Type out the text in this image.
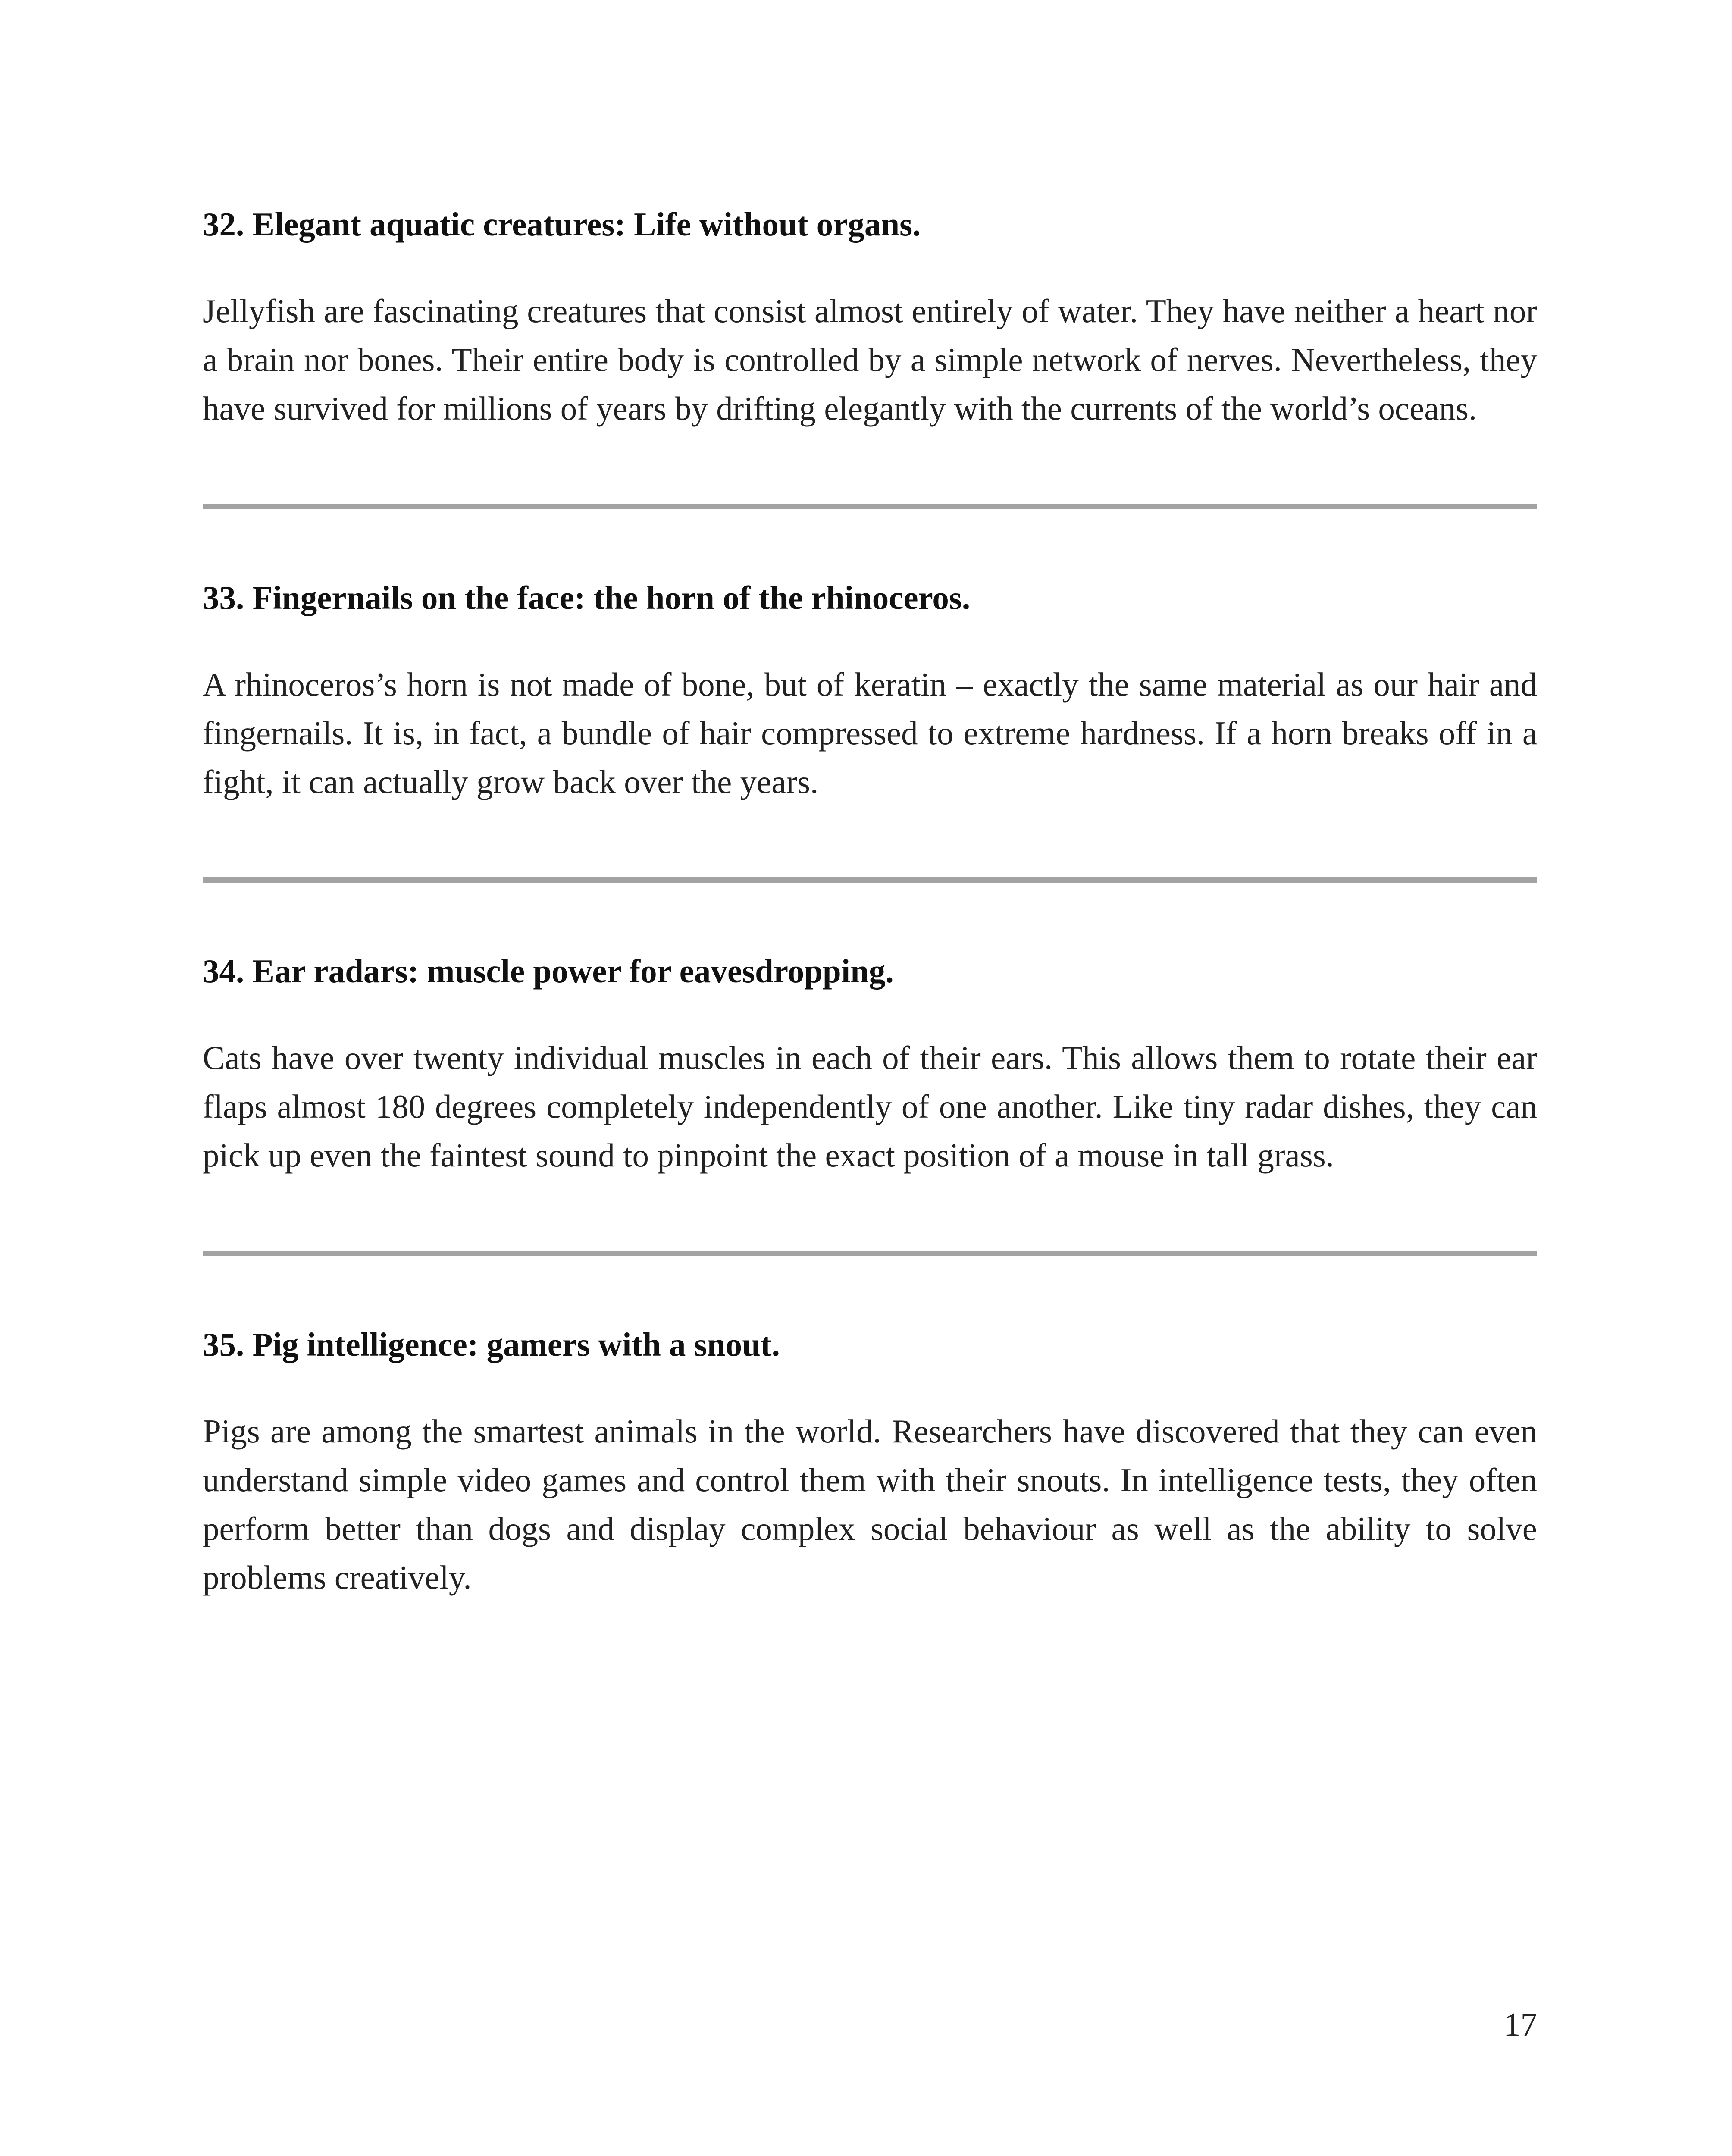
32. Elegant aquatic creatures: Life without organs.

Jellyfish are fascinating creatures that consist almost entirely of water. They have neither a heart nor a brain nor bones. Their entire body is controlled by a simple network of nerves. Nevertheless, they have survived for millions of years by drifting elegantly with the currents of the world’s oceans.

33. Fingernails on the face: the horn of the rhinoceros.

A rhinoceros’s horn is not made of bone, but of keratin – exactly the same material as our hair and fingernails. It is, in fact, a bundle of hair compressed to extreme hardness. If a horn breaks off in a fight, it can actually grow back over the years.

34. Ear radars: muscle power for eavesdropping.

Cats have over twenty individual muscles in each of their ears. This allows them to rotate their ear flaps almost 180 degrees completely independently of one another. Like tiny radar dishes, they can pick up even the faintest sound to pinpoint the exact position of a mouse in tall grass.

35. Pig intelligence: gamers with a snout.

Pigs are among the smartest animals in the world. Researchers have discovered that they can even understand simple video games and control them with their snouts. In intelligence tests, they often perform better than dogs and display complex social behaviour as well as the ability to solve problems creatively.

17
